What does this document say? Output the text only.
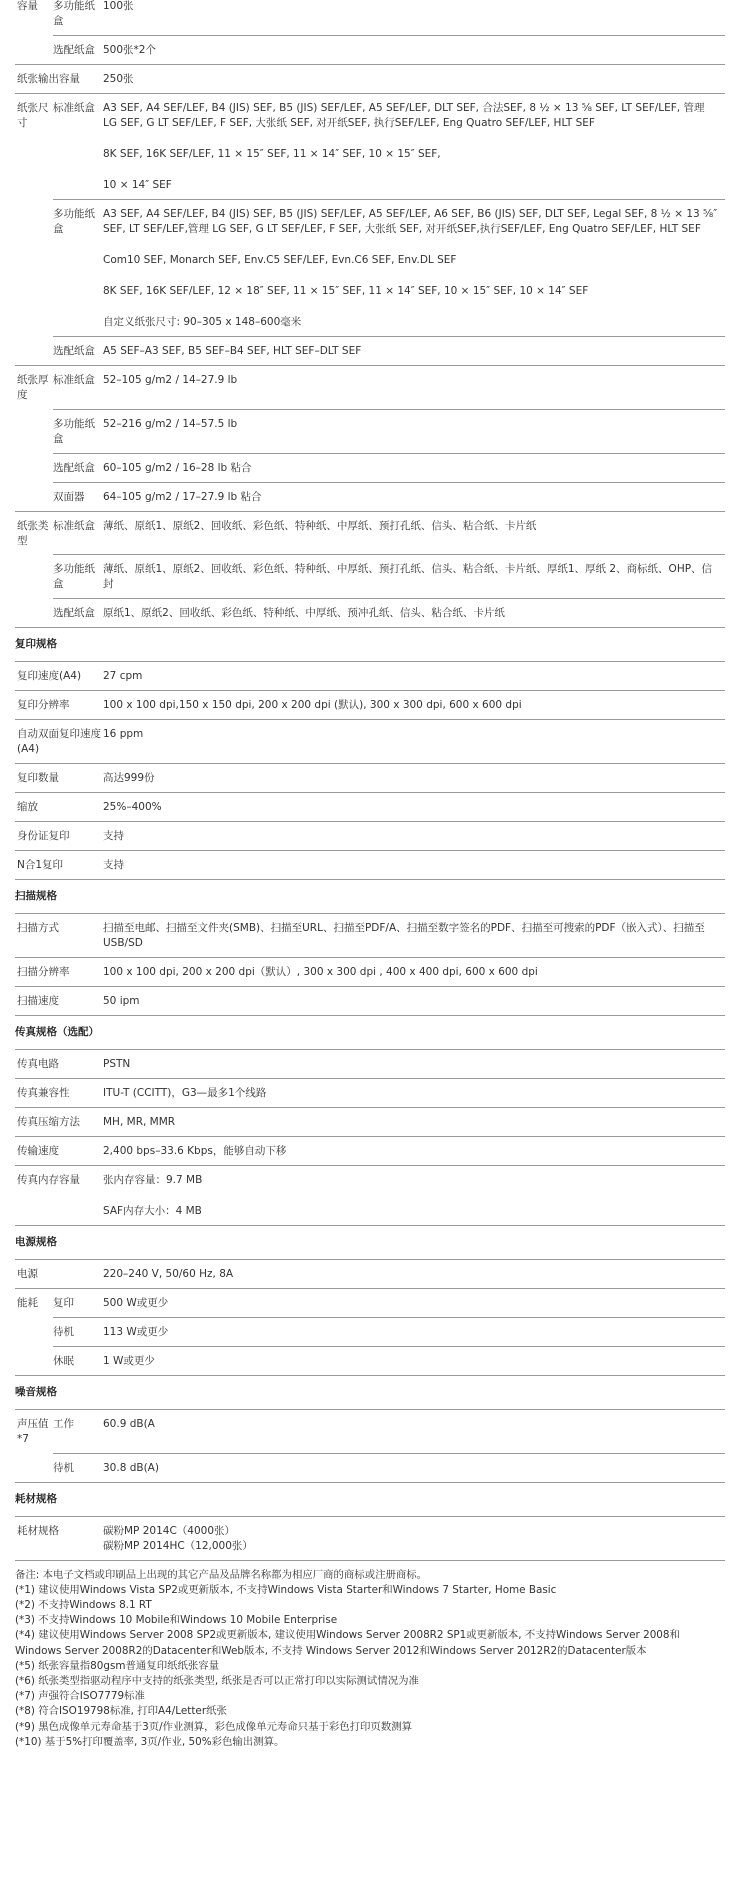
容量	多功能纸盒	100张

	选配纸盒	500张*2个

纸张输出容量		250张

纸张尺寸	标准纸盒	A3 SEF, A4 SEF/LEF, B4 (JIS) SEF, B5 (JIS) SEF/LEF, A5 SEF/LEF, DLT SEF, 合法SEF, 8 ½ × 13 ⅝ SEF, LT SEF/LEF, 管理 LG SEF, G LT SEF/LEF, F SEF, 大张纸 SEF, 对开纸SEF, 执行SEF/LEF, Eng Quatro SEF/LEF, HLT SEF

8K SEF, 16K SEF/LEF, 11 × 15″ SEF, 11 × 14″ SEF, 10 × 15″ SEF,

10 × 14″ SEF

	多功能纸盒	A3 SEF, A4 SEF/LEF, B4 (JIS) SEF, B5 (JIS) SEF/LEF, A5 SEF/LEF, A6 SEF, B6 (JIS) SEF, DLT SEF, Legal SEF, 8 ½ × 13 ⅝″ SEF, LT SEF/LEF,管理 LG SEF, G LT SEF/LEF, F SEF, 大张纸 SEF, 对开纸SEF,执行SEF/LEF, Eng Quatro SEF/LEF, HLT SEF

Com10 SEF, Monarch SEF, Env.C5 SEF/LEF, Evn.C6 SEF, Env.DL SEF

8K SEF, 16K SEF/LEF, 12 × 18″ SEF, 11 × 15″ SEF, 11 × 14″ SEF, 10 × 15″ SEF, 10 × 14″ SEF

自定义纸张尺寸: 90–305 x 148–600毫米

	选配纸盒	A5 SEF–A3 SEF, B5 SEF–B4 SEF, HLT SEF–DLT SEF

纸张厚度	标准纸盒	52–105 g/m2 / 14–27.9 lb

	多功能纸盒	52–216 g/m2 / 14–57.5 lb

	选配纸盒	60–105 g/m2 / 16–28 lb 粘合

	双面器	64–105 g/m2 / 17–27.9 lb 粘合

纸张类型	标准纸盒	薄纸、原纸1、原纸2、回收纸、彩色纸、特种纸、中厚纸、预打孔纸、信头、粘合纸、卡片纸

	多功能纸盒	薄纸、原纸1、原纸2、回收纸、彩色纸、特种纸、中厚纸、预打孔纸、信头、粘合纸、卡片纸、厚纸1、厚纸 2、商标纸、OHP、信封

	选配纸盒	原纸1、原纸2、回收纸、彩色纸、特种纸、中厚纸、预冲孔纸、信头、粘合纸、卡片纸

复印规格		
复印速度(A4)		27 cpm

复印分辨率		100 x 100 dpi,150 x 150 dpi, 200 x 200 dpi (默认), 300 x 300 dpi, 600 x 600 dpi

自动双面复印速度(A4)		16 ppm

复印数量		高达999份

缩放		25%–400%

身份证复印		支持

N合1复印		支持

扫描规格		
扫描方式		扫描至电邮、扫描至文件夹(SMB)、扫描至URL、扫描至PDF/A、扫描至数字签名的PDF、扫描至可搜索的PDF（嵌入式）、扫描至USB/SD

扫描分辨率		100 x 100 dpi, 200 x 200 dpi（默认）, 300 x 300 dpi , 400 x 400 dpi, 600 x 600 dpi

扫描速度		50 ipm

传真规格（选配）		
传真电路		PSTN

传真兼容性		ITU-T (CCITT)，G3—最多1个线路

传真压缩方法		MH, MR, MMR

传输速度		2,400 bps–33.6 Kbps，能够自动下移

传真内存容量		张内存容量：9.7 MB

SAF内存大小：4 MB

电源规格		
电源		220–240 V, 50/60 Hz, 8A

能耗	复印	500 W或更少

	待机	113 W或更少

	休眠	1 W或更少

噪音规格		
声压值 *7	工作	60.9 dB(A

	待机	30.8 dB(A)

耗材规格		
耗材规格		碳粉MP 2014C（4000张）
碳粉MP 2014HC（12,000张）

备注: 本电子文档或印刷品上出现的其它产品及品牌名称都为相应厂商的商标或注册商标。
(*1) 建议使用Windows Vista SP2或更新版本, 不支持Windows Vista Starter和Windows 7 Starter, Home Basic
(*2) 不支持Windows 8.1 RT
(*3) 不支持Windows 10 Mobile和Windows 10 Mobile Enterprise
(*4) 建议使用Windows Server 2008 SP2或更新版本, 建议使用Windows Server 2008R2 SP1或更新版本, 不支持Windows Server 2008和Windows Server 2008R2的Datacenter和Web版本, 不支持 Windows Server 2012和Windows Server 2012R2的Datacenter版本
(*5) 纸张容量指80gsm普通复印纸纸张容量
(*6) 纸张类型指驱动程序中支持的纸张类型, 纸张是否可以正常打印以实际测试情况为准
(*7) 声强符合ISO7779标准
(*8) 符合ISO19798标准, 打印A4/Letter纸张
(*9) 黑色成像单元寿命基于3页/作业测算，彩色成像单元寿命只基于彩色打印页数测算
(*10) 基于5%打印覆盖率, 3页/作业, 50%彩色输出测算。
